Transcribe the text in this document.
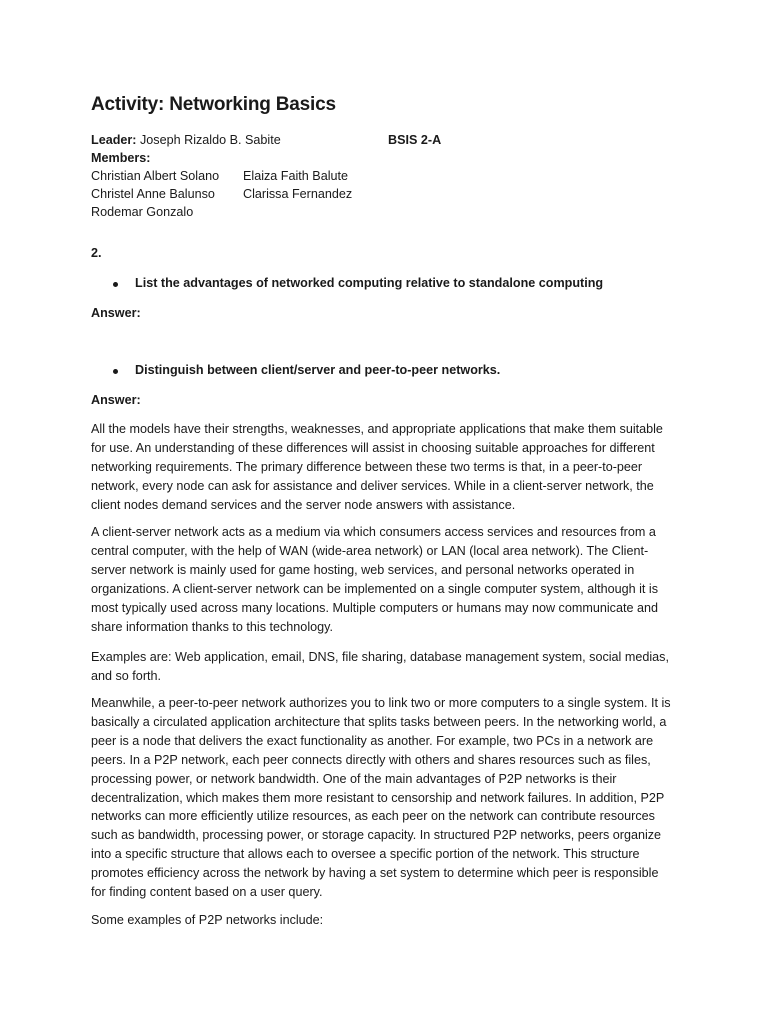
Activity: Networking Basics
Leader: Joseph Rizaldo B. Sabite	BSIS 2-A
Members:
Christian Albert Solano Elaiza Faith Balute
Christel Anne Balunso Clarissa Fernandez
Rodemar Gonzalo
2.
List the advantages of networked computing relative to standalone computing
Answer:
Distinguish between client/server and peer-to-peer networks.
Answer:

All the models have their strengths, weaknesses, and appropriate applications that make them suitable for use. An understanding of these differences will assist in choosing suitable approaches for different networking requirements. The primary difference between these two terms is that, in a peer-to-peer network, every node can ask for assistance and deliver services. While in a client-server network, the client nodes demand services and the server node answers with assistance.

A client-server network acts as a medium via which consumers access services and resources from a central computer, with the help of WAN (wide-area network) or LAN (local area network). The Client-server network is mainly used for game hosting, web services, and personal networks operated in organizations. A client-server network can be implemented on a single computer system, although it is most typically used across many locations. Multiple computers or humans may now communicate and share information thanks to this technology.

Examples are: Web application, email, DNS, file sharing, database management system, social medias, and so forth.

Meanwhile, a peer-to-peer network authorizes you to link two or more computers to a single system. It is basically a circulated application architecture that splits tasks between peers. In the networking world, a peer is a node that delivers the exact functionality as another. For example, two PCs in a network are peers. In a P2P network, each peer connects directly with others and shares resources such as files, processing power, or network bandwidth. One of the main advantages of P2P networks is their decentralization, which makes them more resistant to censorship and network failures. In addition, P2P networks can more efficiently utilize resources, as each peer on the network can contribute resources such as bandwidth, processing power, or storage capacity. In structured P2P networks, peers organize into a specific structure that allows each to oversee a specific portion of the network. This structure promotes efficiency across the network by having a set system to determine which peer is responsible for finding content based on a user query.

Some examples of P2P networks include:
